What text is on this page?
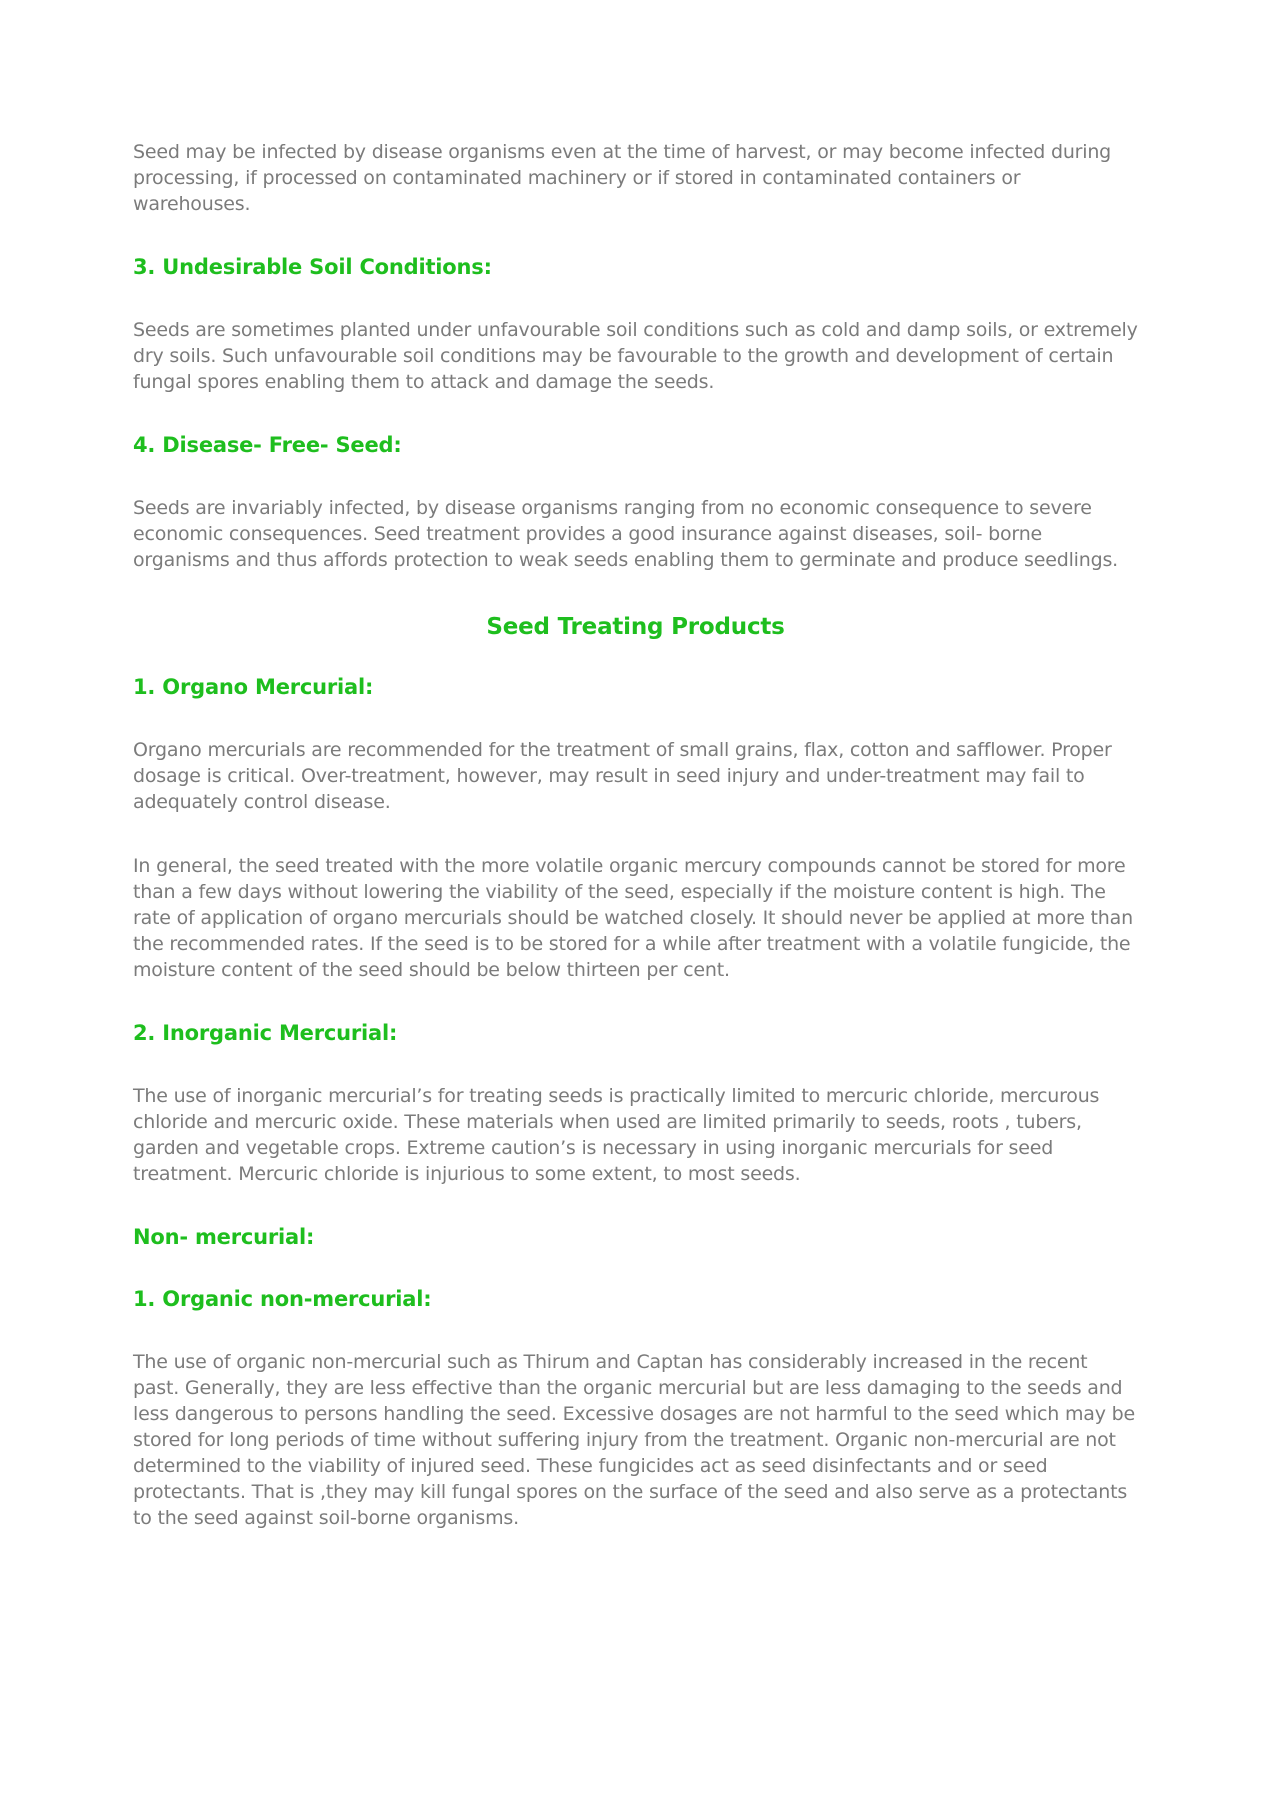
Seed may be infected by disease organisms even at the time of harvest, or may become infected during processing, if processed on contaminated machinery or if stored in contaminated containers or warehouses.

3. Undesirable Soil Conditions:

Seeds are sometimes planted under unfavourable soil conditions such as cold and damp soils, or extremely dry soils. Such unfavourable soil conditions may be favourable to the growth and development of certain fungal spores enabling them to attack and damage the seeds.

4. Disease- Free- Seed:

Seeds are invariably infected, by disease organisms ranging from no economic consequence to severe economic consequences. Seed treatment provides a good insurance against diseases, soil- borne organisms and thus affords protection to weak seeds enabling them to germinate and produce seedlings.

Seed Treating Products
1. Organo Mercurial:

Organo mercurials are recommended for the treatment of small grains, flax, cotton and safflower. Proper dosage is critical. Over-treatment, however, may result in seed injury and under-treatment may fail to adequately control disease.

In general, the seed treated with the more volatile organic mercury compounds cannot be stored for more than a few days without lowering the viability of the seed, especially if the moisture content is high. The rate of application of organo mercurials should be watched closely. It should never be applied at more than the recommended rates. If the seed is to be stored for a while after treatment with a volatile fungicide, the moisture content of the seed should be below thirteen per cent.

2. Inorganic Mercurial:

The use of inorganic mercurial’s for treating seeds is practically limited to mercuric chloride, mercurous chloride and mercuric oxide. These materials when used are limited primarily to seeds, roots , tubers, garden and vegetable crops. Extreme caution’s is necessary in using inorganic mercurials for seed treatment. Mercuric chloride is injurious to some extent, to most seeds.

Non- mercurial:
1. Organic non-mercurial:

The use of organic non-mercurial such as Thirum and Captan has considerably increased in the recent past. Generally, they are less effective than the organic mercurial but are less damaging to the seeds and less dangerous to persons handling the seed. Excessive dosages are not harmful to the seed which may be stored for long periods of time without suffering injury from the treatment. Organic non-mercurial are not determined to the viability of injured seed. These fungicides act as seed disinfectants and or seed protectants. That is ,they may kill fungal spores on the surface of the seed and also serve as a protectants to the seed against soil-borne organisms.
